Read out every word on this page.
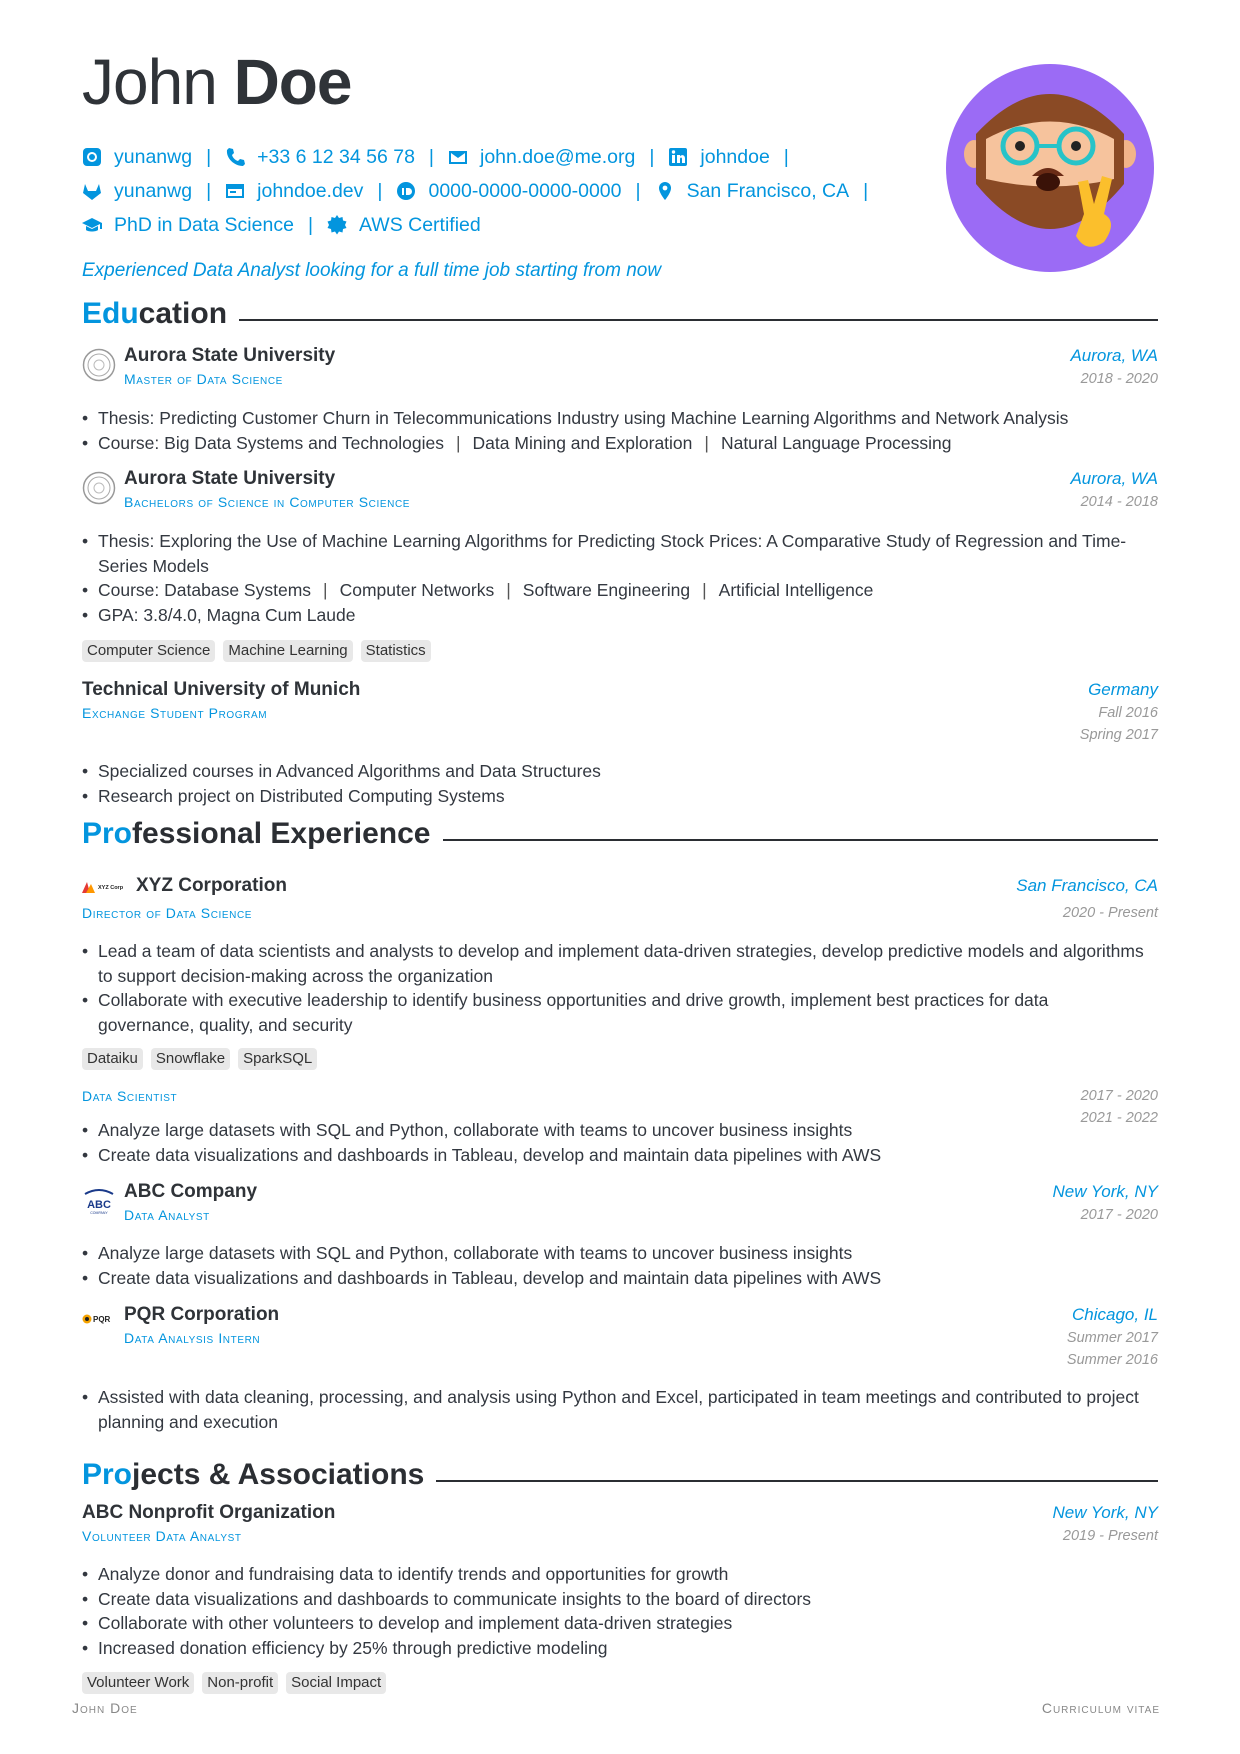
John Doe
yunanwg | +33 6 12 34 56 78 | john.doe@me.org | johndoe |
yunanwg | johndoe.dev | 0000-0000-0000-0000 | San Francisco, CA |
PhD in Data Science | AWS Certified
Experienced Data Analyst looking for a full time job starting from now
Education
Aurora State University
Master of Data Science
Aurora, WA
2018 - 2020
• Thesis: Predicting Customer Churn in Telecommunications Industry using Machine Learning Algorithms and Network Analysis
• Course: Big Data Systems and Technologies | Data Mining and Exploration | Natural Language Processing
Aurora State University
Bachelors of Science in Computer Science
Aurora, WA
2014 - 2018
• Thesis: Exploring the Use of Machine Learning Algorithms for Predicting Stock Prices: A Comparative Study of Regression and Time-
Series Models
• Course: Database Systems | Computer Networks | Software Engineering | Artificial Intelligence
• GPA: 3.8/4.0, Magna Cum Laude
Computer Science	Machine Learning	Statistics
Technical University of Munich
Exchange Student Program
Germany
Fall 2016
Spring 2017
• Specialized courses in Advanced Algorithms and Data Structures
• Research project on Distributed Computing Systems
Professional Experience
XYZ Corp XYZ Corporation
Director of Data Science
San Francisco, CA
2020 - Present
• Lead a team of data scientists and analysts to develop and implement data-driven strategies, develop predictive models and algorithms
to support decision-making across the organization
• Collaborate with executive leadership to identify business opportunities and drive growth, implement best practices for data
governance, quality, and security
Dataiku	Snowflake	SparkSQL
Data Scientist	2017 - 2020
2021 - 2022
• Analyze large datasets with SQL and Python, collaborate with teams to uncover business insights
• Create data visualizations and dashboards in Tableau, develop and maintain data pipelines with AWS
ABC
COMPANY
ABC Company
Data Analyst
New York, NY
2017 - 2020
• Analyze large datasets with SQL and Python, collaborate with teams to uncover business insights
• Create data visualizations and dashboards in Tableau, develop and maintain data pipelines with AWS
PQR PQR Corporation
Data Analysis Intern
Chicago, IL
Summer 2017
Summer 2016
• Assisted with data cleaning, processing, and analysis using Python and Excel, participated in team meetings and contributed to project
planning and execution
Projects & Associations
ABC Nonprofit Organization
Volunteer Data Analyst
New York, NY
2019 - Present
• Analyze donor and fundraising data to identify trends and opportunities for growth
• Create data visualizations and dashboards to communicate insights to the board of directors
• Collaborate with other volunteers to develop and implement data-driven strategies
• Increased donation efficiency by 25% through predictive modeling
Volunteer Work	Non-profit	Social Impact
John Doe	Curriculum vitae
